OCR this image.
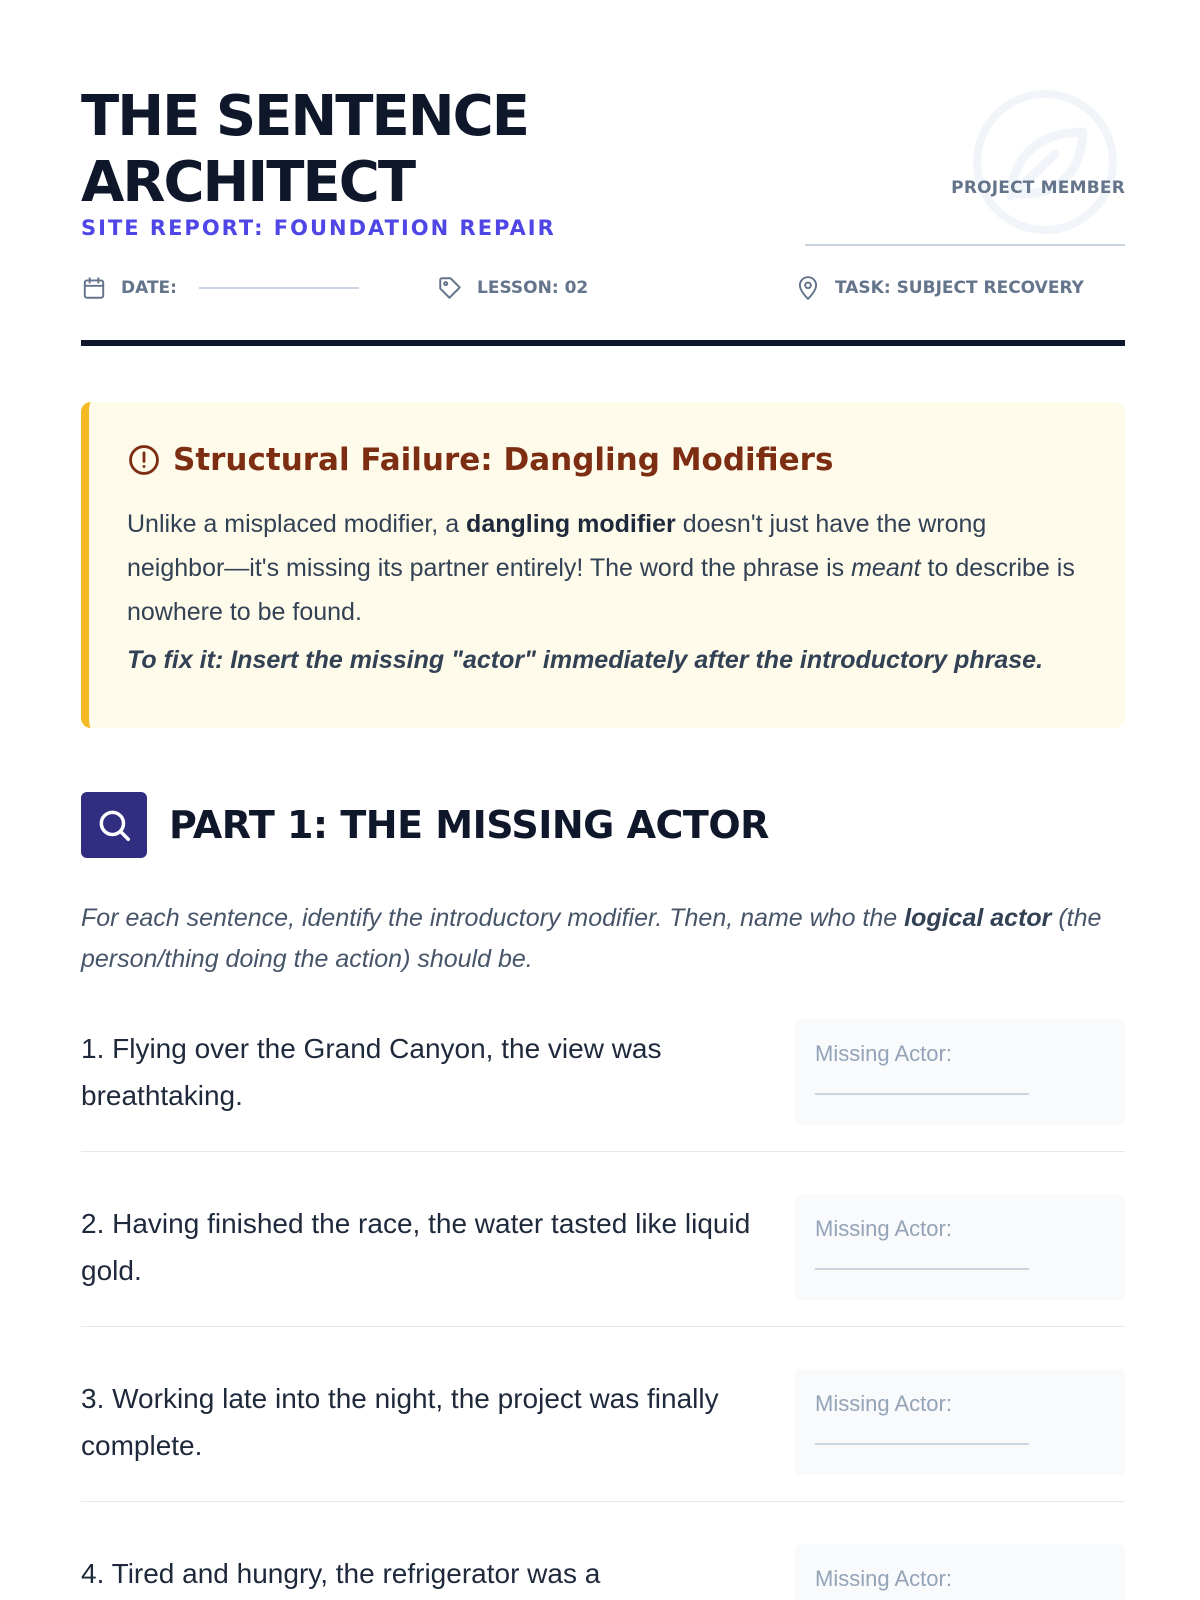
THE SENTENCE
ARCHITECT
SITE REPORT: FOUNDATION REPAIR
PROJECT MEMBER
DATE:	LESSON: 02	TASK: SUBJECT RECOVERY
Structural Failure: Dangling Modifiers

Unlike a misplaced modifier, a dangling modifier doesn't just have the wrong neighbor—it's missing its partner entirely! The word the phrase is meant to describe is nowhere to be found.

To fix it: Insert the missing "actor" immediately after the introductory phrase.

PART 1: THE MISSING ACTOR

For each sentence, identify the introductory modifier. Then, name who the logical actor (the person/thing doing the action) should be.

1. Flying over the Grand Canyon, the view was breathtaking.

Missing Actor:

2. Having finished the race, the water tasted like liquid gold.

Missing Actor:

3. Working late into the night, the project was finally complete.

Missing Actor:

4. Tired and hungry, the refrigerator was a	Missing Actor:
